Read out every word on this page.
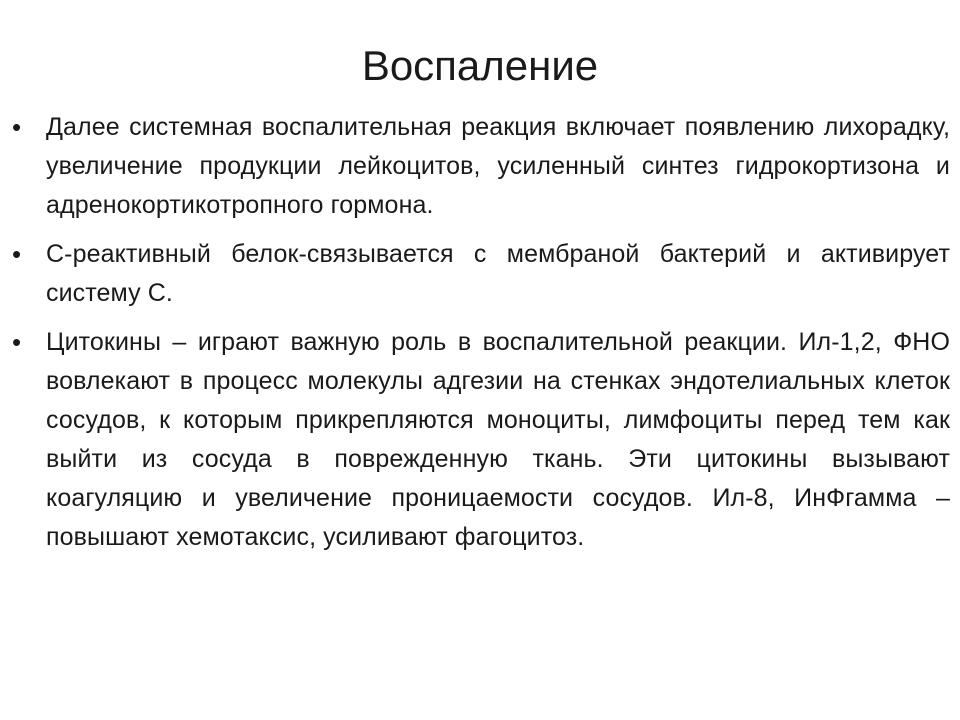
Воспаление
• Далее системная воспалительная реакция включает появлению лихорадку, увеличение продукции лейкоцитов, усиленный синтез гидрокортизона и адренокортикотропного гормона.
• С-реактивный белок-связывается с мембраной бактерий и активирует систему С.
• Цитокины – играют важную роль в воспалительной реакции. Ил-1,2, ФНО вовлекают в процесс молекулы адгезии на стенках эндотелиальных клеток сосудов, к которым прикрепляются моноциты, лимфоциты перед тем как выйти из сосуда в поврежденную ткань. Эти цитокины вызывают коагуляцию и увеличение проницаемости сосудов. Ил-8, ИнФгамма – повышают хемотаксис, усиливают фагоцитоз.
